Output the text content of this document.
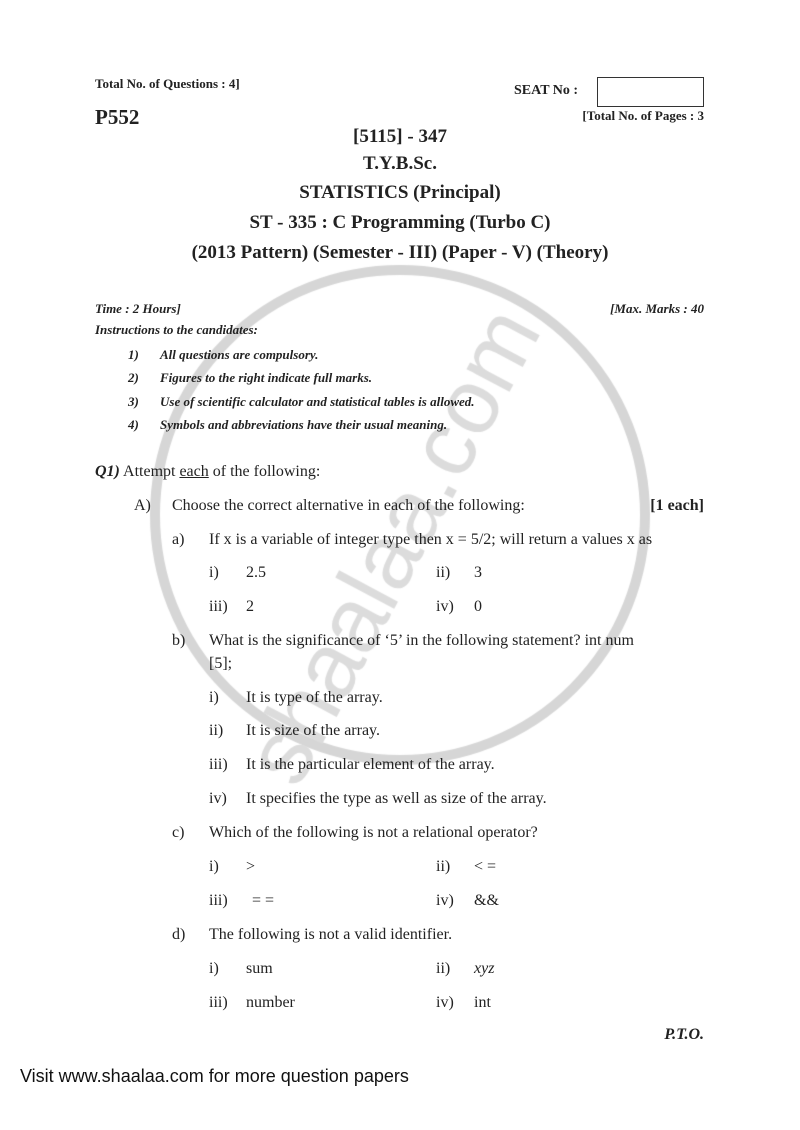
Total No. of Questions : 4]	SEAT No :
P552	[Total No. of Pages : 3
[5115] - 347
T.Y.B.Sc.
STATISTICS (Principal)
ST - 335 : C Programming (Turbo C)
(2013 Pattern) (Semester - III) (Paper - V) (Theory)
Time : 2 Hours]	[Max. Marks : 40
Instructions to the candidates:
1) All questions are compulsory.
2) Figures to the right indicate full marks.
3) Use of scientific calculator and statistical tables is allowed.
4) Symbols and abbreviations have their usual meaning.
Q1) Attempt each of the following:
A) Choose the correct alternative in each of the following:	[1 each]
a) If x is a variable of integer type then x = 5/2; will return a values x as
i) 2.5	ii) 3
iii) 2	iv) 0
b) What is the significance of ‘5’ in the following statement? int num
[5];
i) It is type of the array.
ii) It is size of the array.
iii) It is the particular element of the array.
iv) It specifies the type as well as size of the array.
c) Which of the following is not a relational operator?
i) >	ii) < =
iii) = =	iv) &&
d) The following is not a valid identifier.
i) sum	ii) xyz
iii) number	iv) int
P.T.O.
Visit www.shaalaa.com for more question papers
